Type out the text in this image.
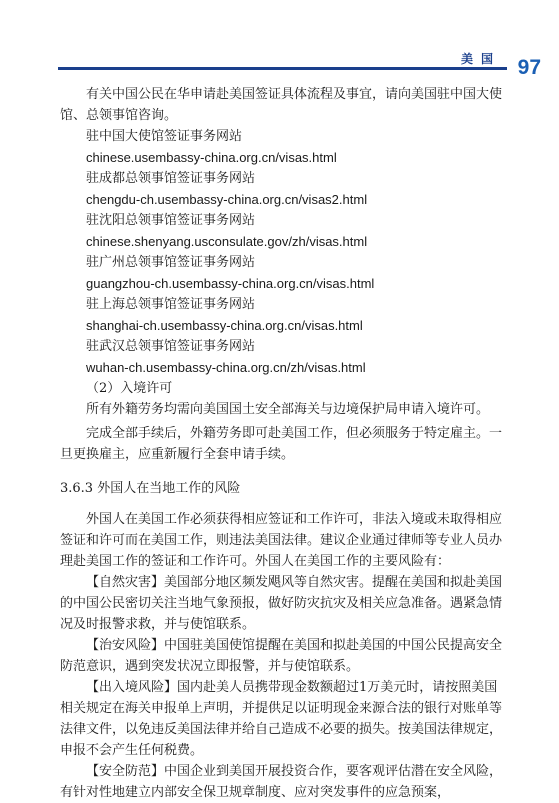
美国 97

有关中国公民在华申请赴美国签证具体流程及事宜，请向美国驻中国大使馆、总领事馆咨询。

驻中国大使馆签证事务网站

chinese.usembassy-china.org.cn/visas.html

驻成都总领事馆签证事务网站

chengdu-ch.usembassy-china.org.cn/visas2.html

驻沈阳总领事馆签证事务网站

chinese.shenyang.usconsulate.gov/zh/visas.html

驻广州总领事馆签证事务网站

guangzhou-ch.usembassy-china.org.cn/visas.html

驻上海总领事馆签证事务网站

shanghai-ch.usembassy-china.org.cn/visas.html

驻武汉总领事馆签证事务网站

wuhan-ch.usembassy-china.org.cn/zh/visas.html

（2）入境许可

所有外籍劳务均需向美国国土安全部海关与边境保护局申请入境许可。

完成全部手续后，外籍劳务即可赴美国工作，但必须服务于特定雇主。一旦更换雇主，应重新履行全套申请手续。

3.6.3 外国人在当地工作的风险

外国人在美国工作必须获得相应签证和工作许可，非法入境或未取得相应签证和许可而在美国工作，则违法美国法律。建议企业通过律师等专业人员办理赴美国工作的签证和工作许可。外国人在美国工作的主要风险有：

【自然灾害】美国部分地区频发飓风等自然灾害。提醒在美国和拟赴美国的中国公民密切关注当地气象预报，做好防灾抗灾及相关应急准备。遇紧急情况及时报警求救，并与使馆联系。

【治安风险】中国驻美国使馆提醒在美国和拟赴美国的中国公民提高安全防范意识，遇到突发状况立即报警，并与使馆联系。

【出入境风险】国内赴美人员携带现金数额超过1万美元时，请按照美国相关规定在海关申报单上声明，并提供足以证明现金来源合法的银行对账单等法律文件，以免违反美国法律并给自己造成不必要的损失。按美国法律规定，申报不会产生任何税费。

【安全防范】中国企业到美国开展投资合作，要客观评估潜在安全风险，有针对性地建立内部安全保卫规章制度、应对突发事件的应急预案，
